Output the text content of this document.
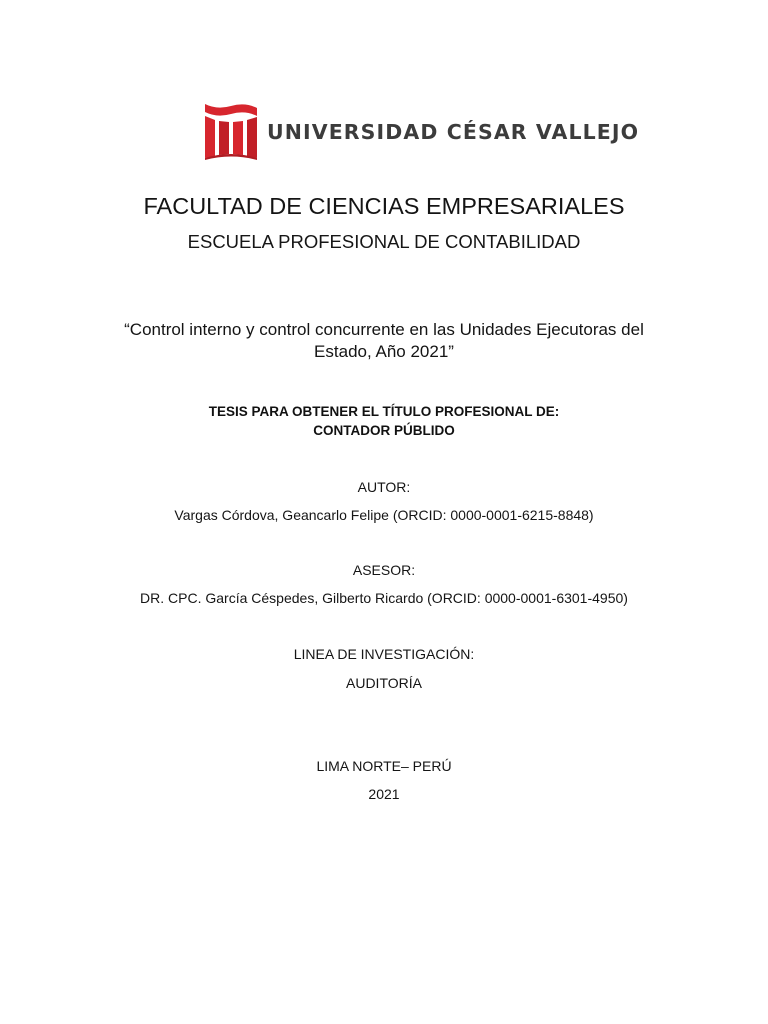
UNIVERSIDAD CÉSAR VALLEJO
FACULTAD DE CIENCIAS EMPRESARIALES
ESCUELA PROFESIONAL DE CONTABILIDAD
“Control interno y control concurrente en las Unidades Ejecutoras del
Estado, Año 2021”
TESIS PARA OBTENER EL TÍTULO PROFESIONAL DE:
CONTADOR PÚBLIDO
AUTOR:
Vargas Córdova, Geancarlo Felipe (ORCID: 0000-0001-6215-8848)
ASESOR:
DR. CPC. García Céspedes, Gilberto Ricardo (ORCID: 0000-0001-6301-4950)
LINEA DE INVESTIGACIÓN:
AUDITORÍA
LIMA NORTE– PERÚ
2021
